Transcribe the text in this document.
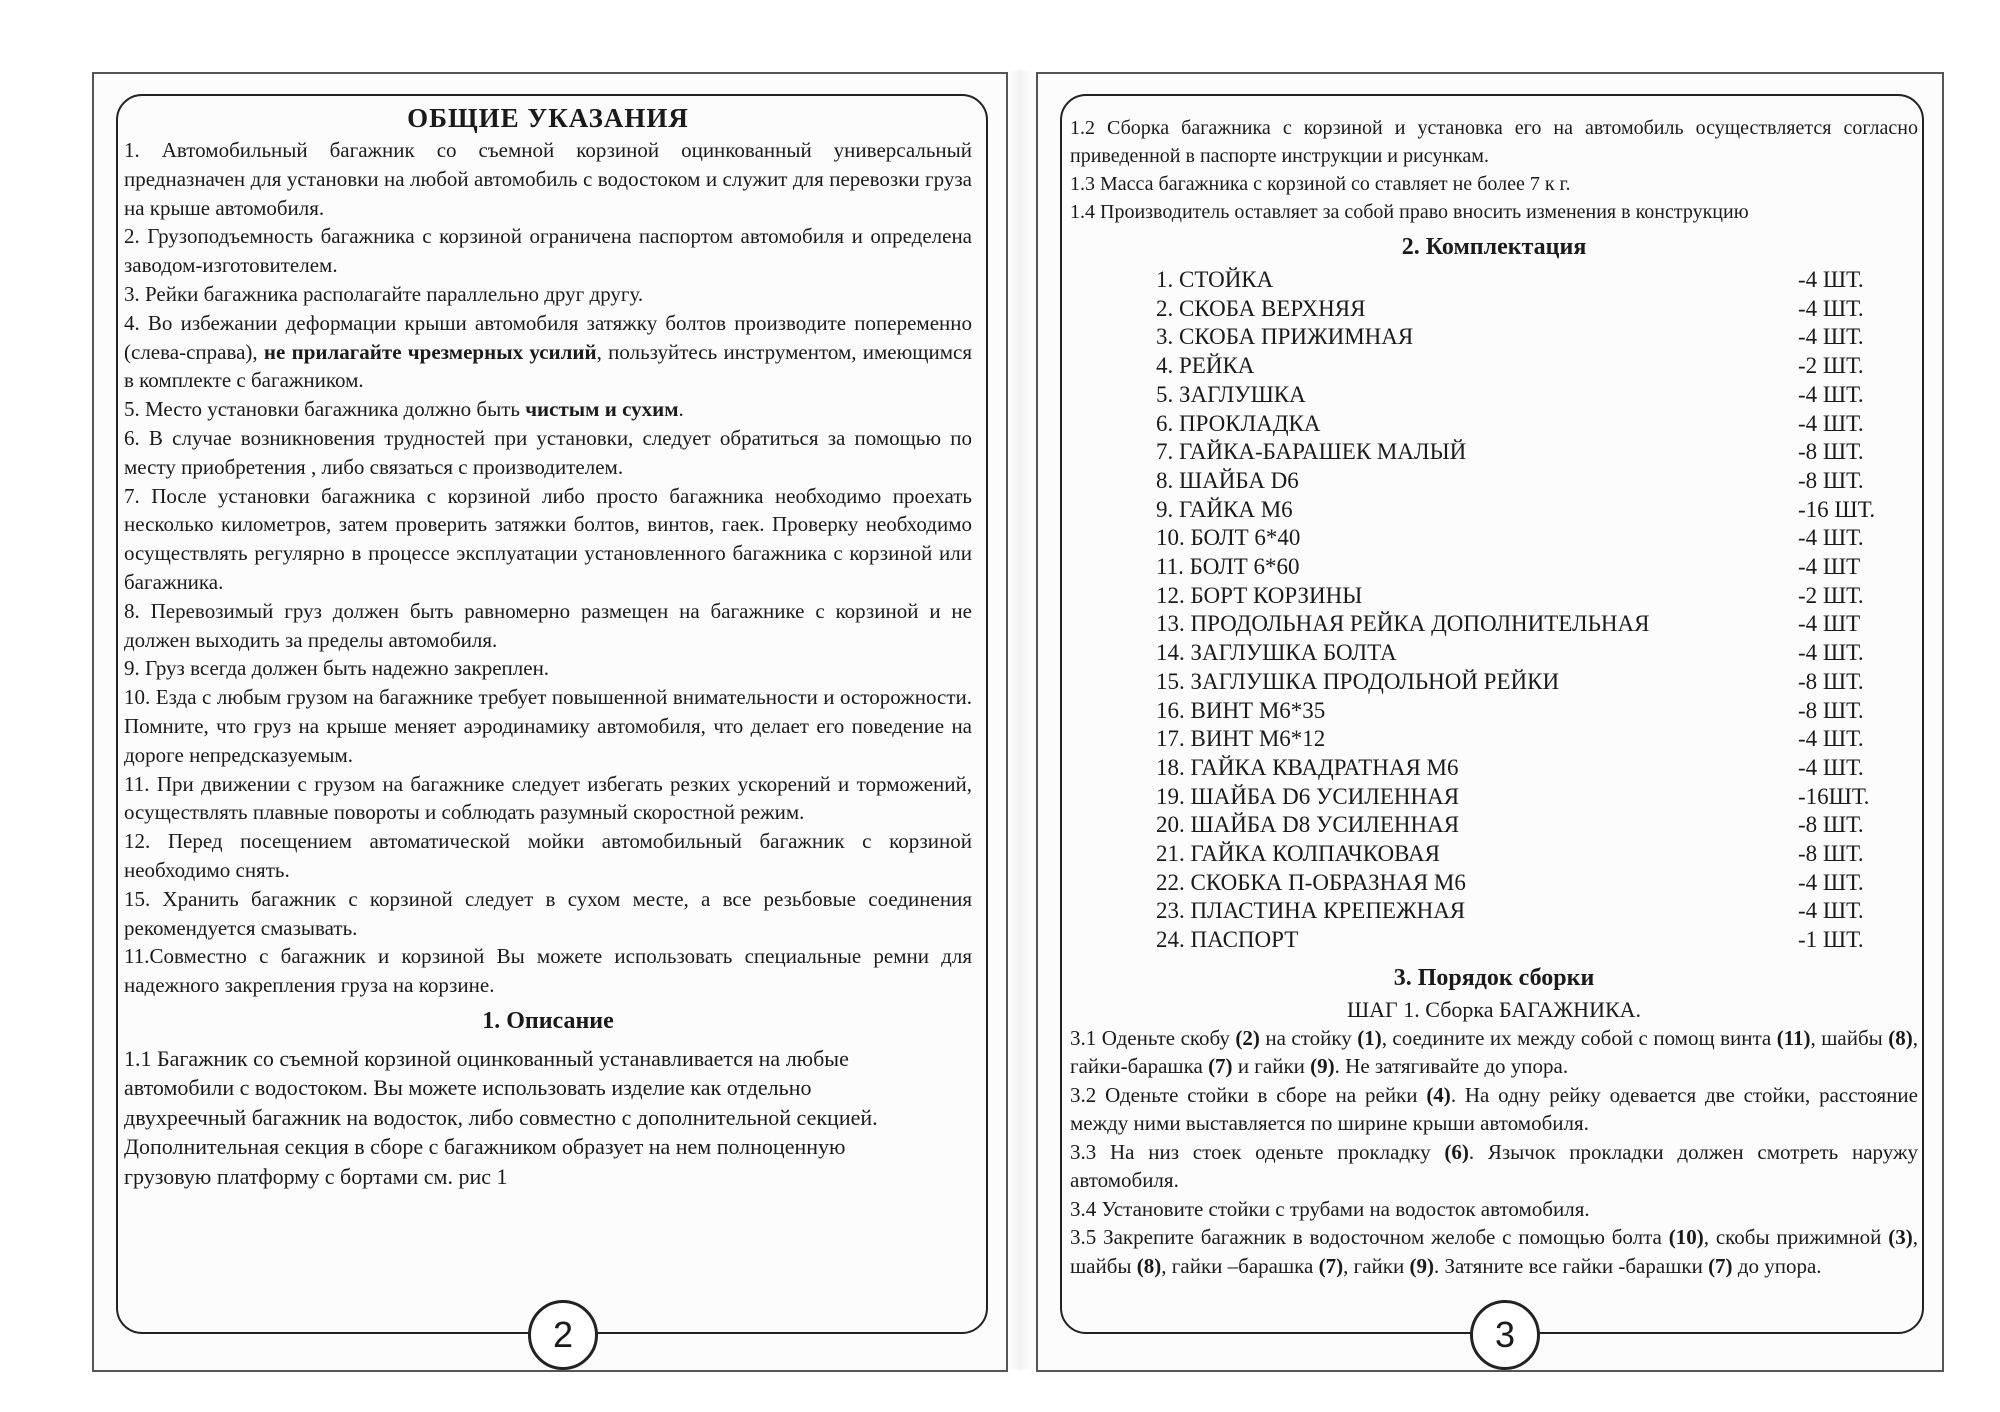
2
ОБЩИЕ УКАЗАНИЯ

1. Автомобильный багажник со съемной корзиной оцинкованный универсальный предназначен для установки на любой автомобиль с водостоком и служит для перевозки груза на крыше автомобиля.

2. Грузоподъемность багажника с корзиной ограничена паспортом автомобиля и определена заводом-изготовителем.

3. Рейки багажника располагайте параллельно друг другу.

4. Во избежании деформации крыши автомобиля затяжку болтов производите попеременно (слева-справа), не прилагайте чрезмерных усилий, пользуйтесь инструментом, имеющимся в комплекте с багажником.

5. Место установки багажника должно быть чистым и сухим.

6. В случае возникновения трудностей при установки, следует обратиться за помощью по месту приобретения , либо связаться с производителем.

7. После установки багажника с корзиной либо просто багажника необходимо проехать несколько километров, затем проверить затяжки болтов, винтов, гаек. Проверку необходимо осуществлять регулярно в процессе эксплуатации установленного багажника с корзиной или багажника.

8. Перевозимый груз должен быть равномерно размещен на багажнике с корзиной и не должен выходить за пределы автомобиля.

9. Груз всегда должен быть надежно закреплен.

10. Езда с любым грузом на багажнике требует повышенной внимательности и осторожности. Помните, что груз на крыше меняет аэродинамику автомобиля, что делает его поведение на дороге непредсказуемым.

11. При движении с грузом на багажнике следует избегать резких ускорений и торможений, осуществлять плавные повороты и соблюдать разумный скоростной режим.

12. Перед посещением автоматической мойки автомобильный багажник с корзиной необходимо снять.

15. Хранить багажник с корзиной следует в сухом месте, а все резьбовые соединения рекомендуется смазывать.

11.Совместно с багажник и корзиной Вы можете использовать специальные ремни для надежного закрепления груза на корзине.

1. Описание

1.1 Багажник со съемной корзиной оцинкованный устанавливается на любые автомобили с водостоком. Вы можете использовать изделие как отдельно двухреечный багажник на водосток, либо совместно с дополнительной секцией. Дополнительная секция в сборе с багажником образует на нем полноценную грузовую платформу с бортами см. рис 1

3

1.2 Сборка багажника с корзиной и установка его на автомобиль осуществляется согласно приведенной в паспорте инструкции и рисункам.

1.3 Масса багажника с корзиной со ставляет не более 7 к г.

1.4 Производитель оставляет за собой право вносить изменения в конструкцию

2. Комплектация
1. СТОЙКА	-4 ШТ.
2. СКОБА ВЕРХНЯЯ	-4 ШТ.
3. СКОБА ПРИЖИМНАЯ	-4 ШТ.
4. РЕЙКА	-2 ШТ.
5. ЗАГЛУШКА	-4 ШТ.
6. ПРОКЛАДКА	-4 ШТ.
7. ГАЙКА-БАРАШЕК МАЛЫЙ	-8 ШТ.
8. ШАЙБА D6	-8 ШТ.
9. ГАЙКА М6	-16 ШТ.
10. БОЛТ 6*40	-4 ШТ.
11. БОЛТ 6*60	-4 ШТ
12. БОРТ КОРЗИНЫ	-2 ШТ.
13. ПРОДОЛЬНАЯ РЕЙКА ДОПОЛНИТЕЛЬНАЯ	-4 ШТ
14. ЗАГЛУШКА БОЛТА	-4 ШТ.
15. ЗАГЛУШКА ПРОДОЛЬНОЙ РЕЙКИ	-8 ШТ.
16. ВИНТ М6*35	-8 ШТ.
17. ВИНТ М6*12	-4 ШТ.
18. ГАЙКА КВАДРАТНАЯ М6	-4 ШТ.
19. ШАЙБА D6 УСИЛЕННАЯ	-16ШТ.
20. ШАЙБА D8 УСИЛЕННАЯ	-8 ШТ.
21. ГАЙКА КОЛПАЧКОВАЯ	-8 ШТ.
22. СКОБКА П-ОБРАЗНАЯ М6	-4 ШТ.
23. ПЛАСТИНА КРЕПЕЖНАЯ	-4 ШТ.
24. ПАСПОРТ	-1 ШТ.
3. Порядок сборки

ШАГ 1. Сборка БАГАЖНИКА.

3.1 Оденьте скобу (2) на стойку (1), соедините их между собой с помощ винта (11), шайбы (8), гайки-барашка (7) и гайки (9). Не затягивайте до упора.

3.2 Оденьте стойки в сборе на рейки (4). На одну рейку одевается две стойки, расстояние между ними выставляется по ширине крыши автомобиля.

3.3 На низ стоек оденьте прокладку (6). Язычок прокладки должен смотреть наружу автомобиля.

3.4 Установите стойки с трубами на водосток автомобиля.

3.5 Закрепите багажник в водосточном желобе с помощью болта (10), скобы прижимной (3), шайбы (8), гайки –барашка (7), гайки (9). Затяните все гайки -барашки (7) до упора.
